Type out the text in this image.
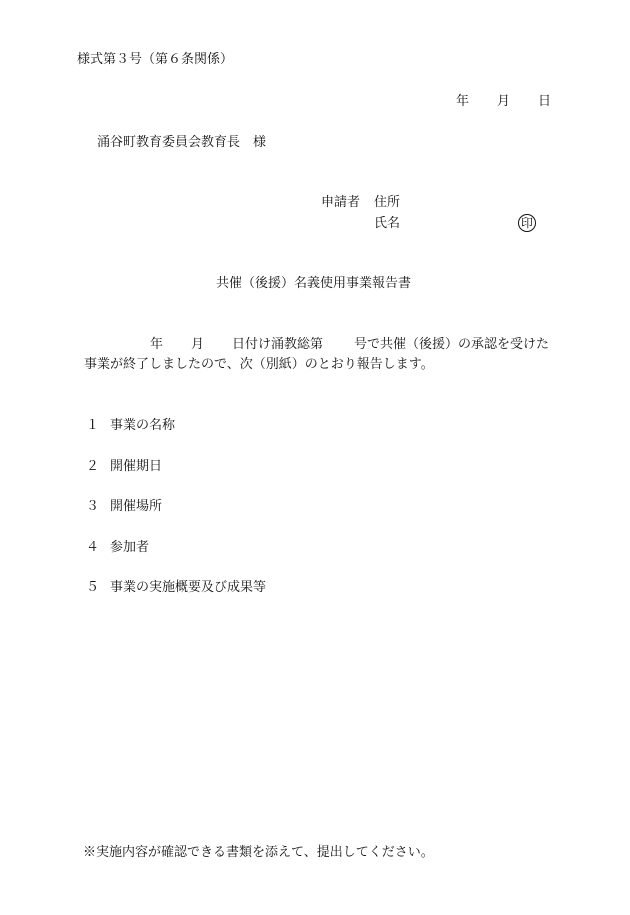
様式第３号（第６条関係）
年 月 日
涌谷町教育委員会教育長　様
申請者 住所
氏名	印
共催（後援）名義使用事業報告書
年 月 日付け涌教総第 号で共催（後援）の承認を受けた
事業が終了しましたので、次（別紙）のとおり報告します。
１ 事業の名称
２ 開催期日
３ 開催場所
４ 参加者
５ 事業の実施概要及び成果等
※実施内容が確認できる書類を添えて、提出してください。
